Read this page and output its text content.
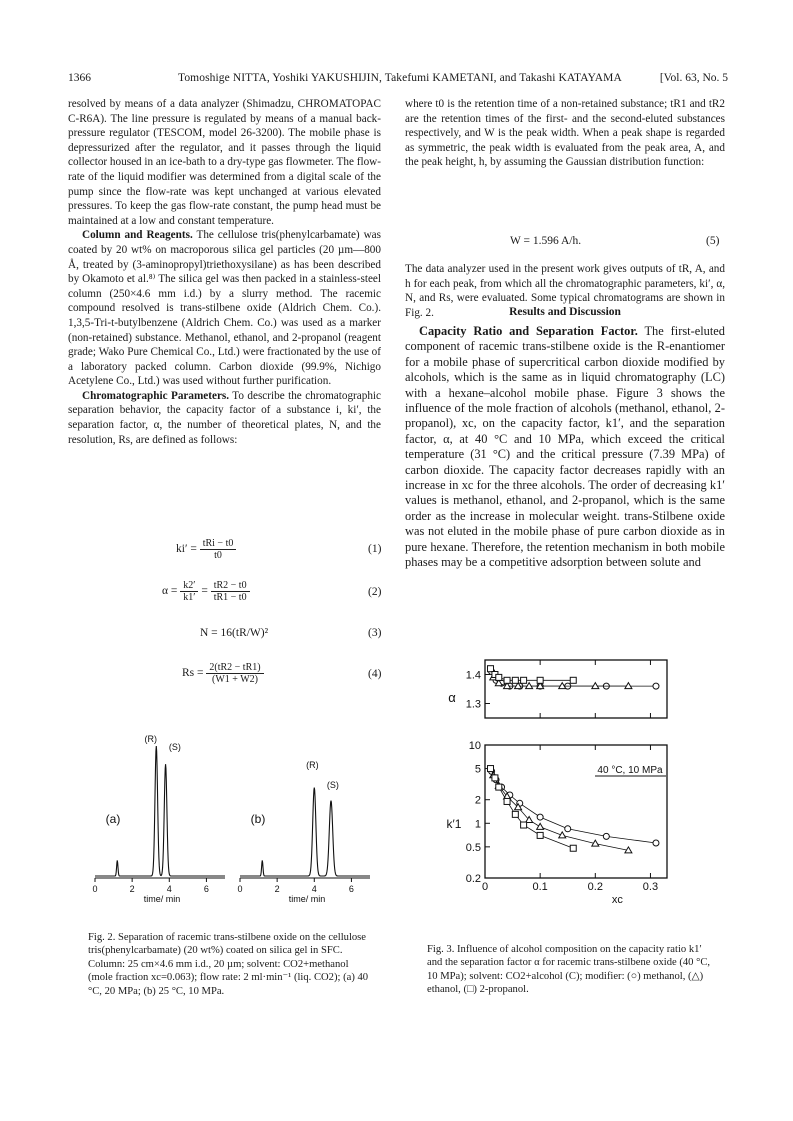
1366	Tomoshige NITTA, Yoshiki YAKUSHIJIN, Takefumi KAMETANI, and Takashi KATAYAMA	[Vol. 63, No. 5

resolved by means of a data analyzer (Shimadzu, CHROMATOPAC C-R6A). The line pressure is regulated by means of a manual back-pressure regulator (TESCOM, model 26-3200). The mobile phase is depressurized after the regulator, and it passes through the liquid collector housed in an ice-bath to a dry-type gas flowmeter. The flow-rate of the liquid modifier was determined from a digital scale of the pump since the flow-rate was kept unchanged at various elevated pressures. To keep the gas flow-rate constant, the pump head must be maintained at a low and constant temperature.

Column and Reagents. The cellulose tris(phenylcarbamate) was coated by 20 wt% on macroporous silica gel particles (20 µm—800 Å, treated by (3-aminopropyl)triethoxysilane) as has been described by Okamoto et al.⁸⁾ The silica gel was then packed in a stainless-steel column (250×4.6 mm i.d.) by a slurry method. The racemic compound resolved is trans-stilbene oxide (Aldrich Chem. Co.). 1,3,5-Tri-t-butylbenzene (Aldrich Chem. Co.) was used as a marker (non-retained) substance. Methanol, ethanol, and 2-propanol (reagent grade; Wako Pure Chemical Co., Ltd.) were fractionated by the use of a laboratory packed column. Carbon dioxide (99.9%, Nichigo Acetylene Co., Ltd.) was used without further purification.

Chromatographic Parameters. To describe the chromatographic separation behavior, the capacity factor of a substance i, ki′, the separation factor, α, the number of theoretical plates, N, and the resolution, Rs, are defined as follows:

$ki' = \frac{\text{tRi − t0}}{t0}$	(1)
$\alpha = \frac{k2'}{k1'} = \frac{tR2 - t0}{tR1 - t0}$	(2)
N = 16(tR/W)²	(3)
$Rs = \frac{2(tR2 - tR1)}{(W1 + W2)}$	(4)

where t0 is the retention time of a non-retained substance; tR1 and tR2 are the retention times of the first- and the second-eluted substances respectively, and W is the peak width. When a peak shape is regarded as symmetric, the peak width is evaluated from the peak area, A, and the peak height, h, by assuming the Gaussian distribution function:

W = 1.596 A/h.	(5)

The data analyzer used in the present work gives outputs of tR, A, and h for each peak, from which all the chromatographic parameters, ki′, α, N, and Rs, were evaluated. Some typical chromatograms are shown in Fig. 2.	Results and Discussion

Capacity Ratio and Separation Factor. The first-eluted component of racemic trans-stilbene oxide is the R-enantiomer for a mobile phase of supercritical carbon dioxide modified by alcohols, which is the same as in liquid chromatography (LC) with a hexane–alcohol mobile phase. Figure 3 shows the influence of the mole fraction of alcohols (methanol, ethanol, 2-propanol), xc, on the capacity factor, k1′, and the separation factor, α, at 40 °C and 10 MPa, which exceed the critical temperature (31 °C) and the critical pressure (7.39 MPa) of carbon dioxide. The capacity factor decreases rapidly with an increase in xc for the three alcohols. The order of decreasing k1′ values is methanol, ethanol, and 2-propanol, which is the same order as the increase in molecular weight. trans-Stilbene oxide was not eluted in the mobile phase of pure carbon dioxide as in pure hexane. Therefore, the retention mechanism in both mobile phases may be a competitive adsorption between solute and

0	2	4	6
time/ min
(R)
(S)
(a)
0	2	4	6
time/ min
(R)
(S)
(b)
Fig. 2. Separation of racemic trans-stilbene oxide on the cellulose tris(phenylcarbamate) (20 wt%) coated on silica gel in SFC. Column: 25 cm×4.6 mm i.d., 20 µm; solvent: CO2+methanol (mole fraction xc=0.063); flow rate: 2 ml·min⁻¹ (liq. CO2); (a) 40 °C, 20 MPa; (b) 25 °C, 10 MPa.
1.4
1.3
α
10
5
2
1
0.5
0.2
k′1
0	0.1	0.2	0.3
xc
40 °C, 10 MPa
Fig. 3. Influence of alcohol composition on the capacity ratio k1′ and the separation factor α for racemic trans-stilbene oxide (40 °C, 10 MPa); solvent: CO2+alcohol (C); modifier: (○) methanol, (△) ethanol, (□) 2-propanol.
